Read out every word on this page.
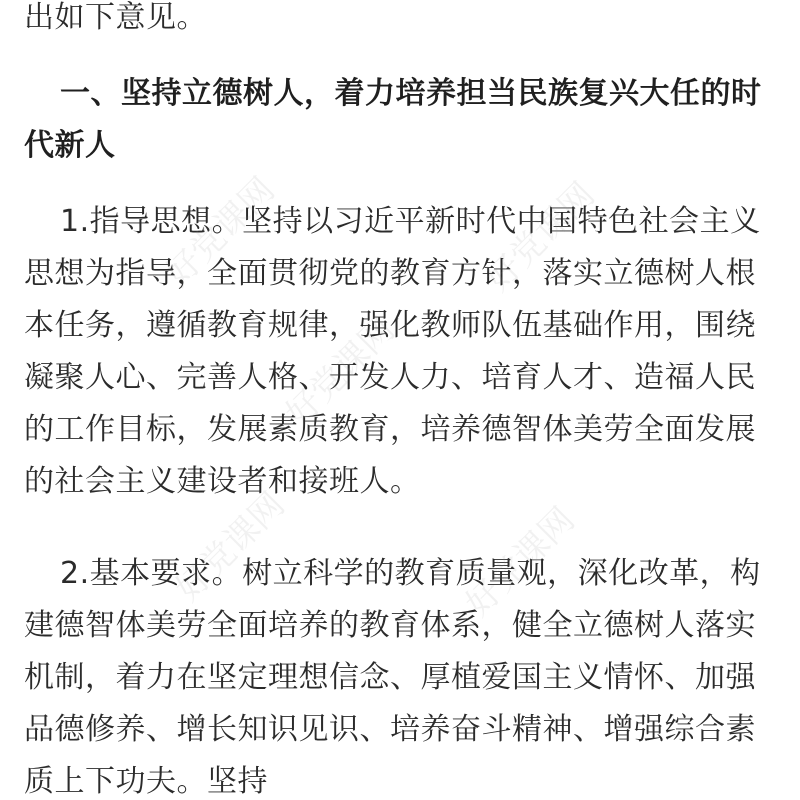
出如下意见。
一、坚持立德树人，着力培养担当民族复兴大任的时代新人
1.指导思想。坚持以习近平新时代中国特色社会主义思想为指导，全面贯彻党的教育方针，落实立德树人根本任务，遵循教育规律，强化教师队伍基础作用，围绕凝聚人心、完善人格、开发人力、培育人才、造福人民的工作目标，发展素质教育，培养德智体美劳全面发展的社会主义建设者和接班人。
2.基本要求。树立科学的教育质量观，深化改革，构建德智体美劳全面培养的教育体系，健全立德树人落实机制，着力在坚定理想信念、厚植爱国主义情怀、加强品德修养、增长知识见识、培养奋斗精神、增强综合素质上下功夫。坚持
好党课网	好党课网
好党课网
好党课网	好党课网
